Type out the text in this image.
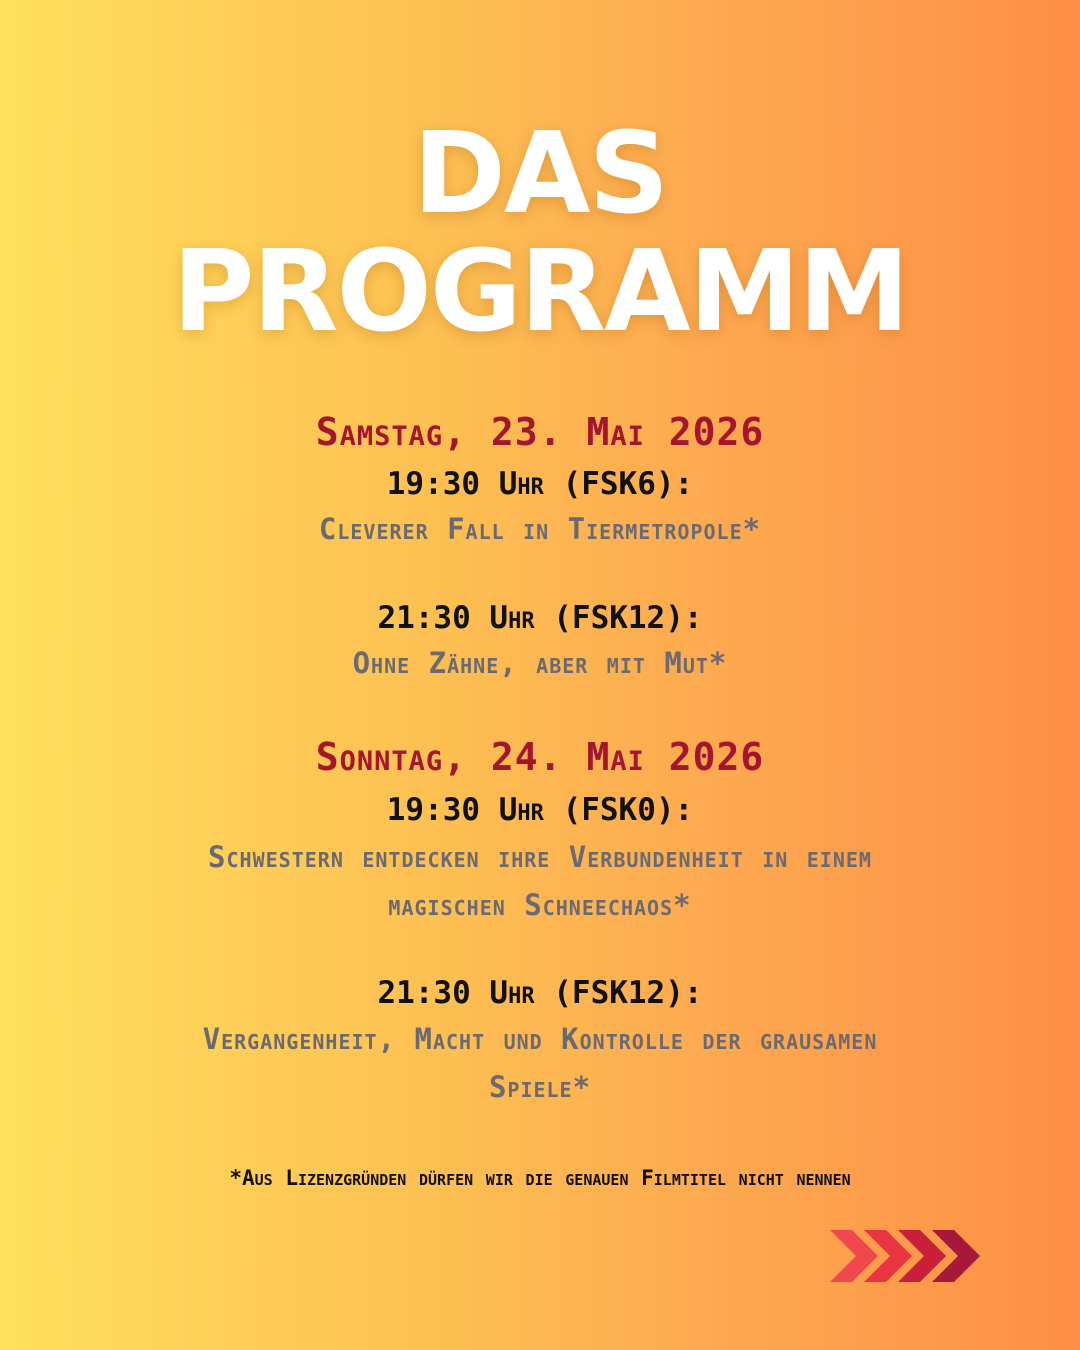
DAS
PROGRAMM

Samstag, 23. Mai 2026

19:30 Uhr (FSK6):

Cleverer Fall in Tiermetropole*

21:30 Uhr (FSK12):

Ohne Zähne, aber mit Mut*

Sonntag, 24. Mai 2026

19:30 Uhr (FSK0):

Schwestern entdecken ihre Verbundenheit in einem

magischen Schneechaos*

21:30 Uhr (FSK12):

Vergangenheit, Macht und Kontrolle der grausamen

Spiele*

*Aus Lizenzgründen dürfen wir die genauen Filmtitel nicht nennen
